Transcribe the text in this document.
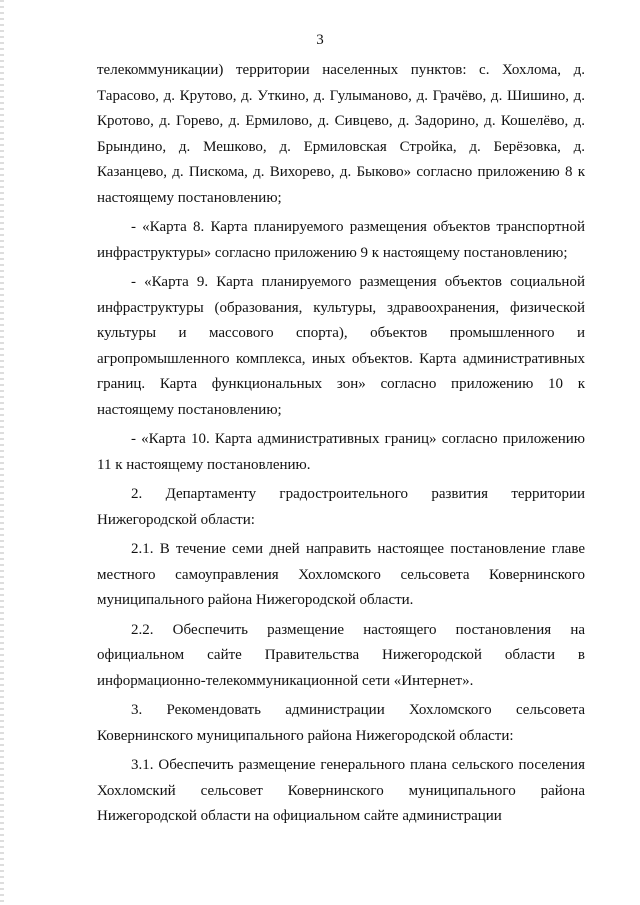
3

телекоммуникации) территории населенных пунктов: с. Хохлома, д. Тарасово, д. Крутово, д. Уткино, д. Гулыманово, д. Грачёво, д. Шишино, д. Кротово, д. Горево, д. Ермилово, д. Сивцево, д. Задорино, д. Кошелёво, д. Брындино, д. Мешково, д. Ермиловская Стройка, д. Берёзовка, д. Казанцево, д. Пискома, д. Вихорево, д. Быково» согласно приложению 8 к настоящему постановлению;

- «Карта 8. Карта планируемого размещения объектов транспортной инфраструктуры» согласно приложению 9 к настоящему постановлению;

- «Карта 9. Карта планируемого размещения объектов социальной инфраструктуры (образования, культуры, здравоохранения, физической культуры и массового спорта), объектов промышленного и агропромышленного комплекса, иных объектов. Карта административных границ. Карта функциональных зон» согласно приложению 10 к настоящему постановлению;

- «Карта 10. Карта административных границ» согласно приложению 11 к настоящему постановлению.

2. Департаменту градостроительного развития территории Нижегородской области:

2.1. В течение семи дней направить настоящее постановление главе местного самоуправления Хохломского сельсовета Ковернинского муниципального района Нижегородской области.

2.2. Обеспечить размещение настоящего постановления на официальном сайте Правительства Нижегородской области в информационно-телекоммуникационной сети «Интернет».

3. Рекомендовать администрации Хохломского сельсовета Ковернинского муниципального района Нижегородской области:

3.1. Обеспечить размещение генерального плана сельского поселения Хохломский сельсовет Ковернинского муниципального района Нижегородской области на официальном сайте администрации
